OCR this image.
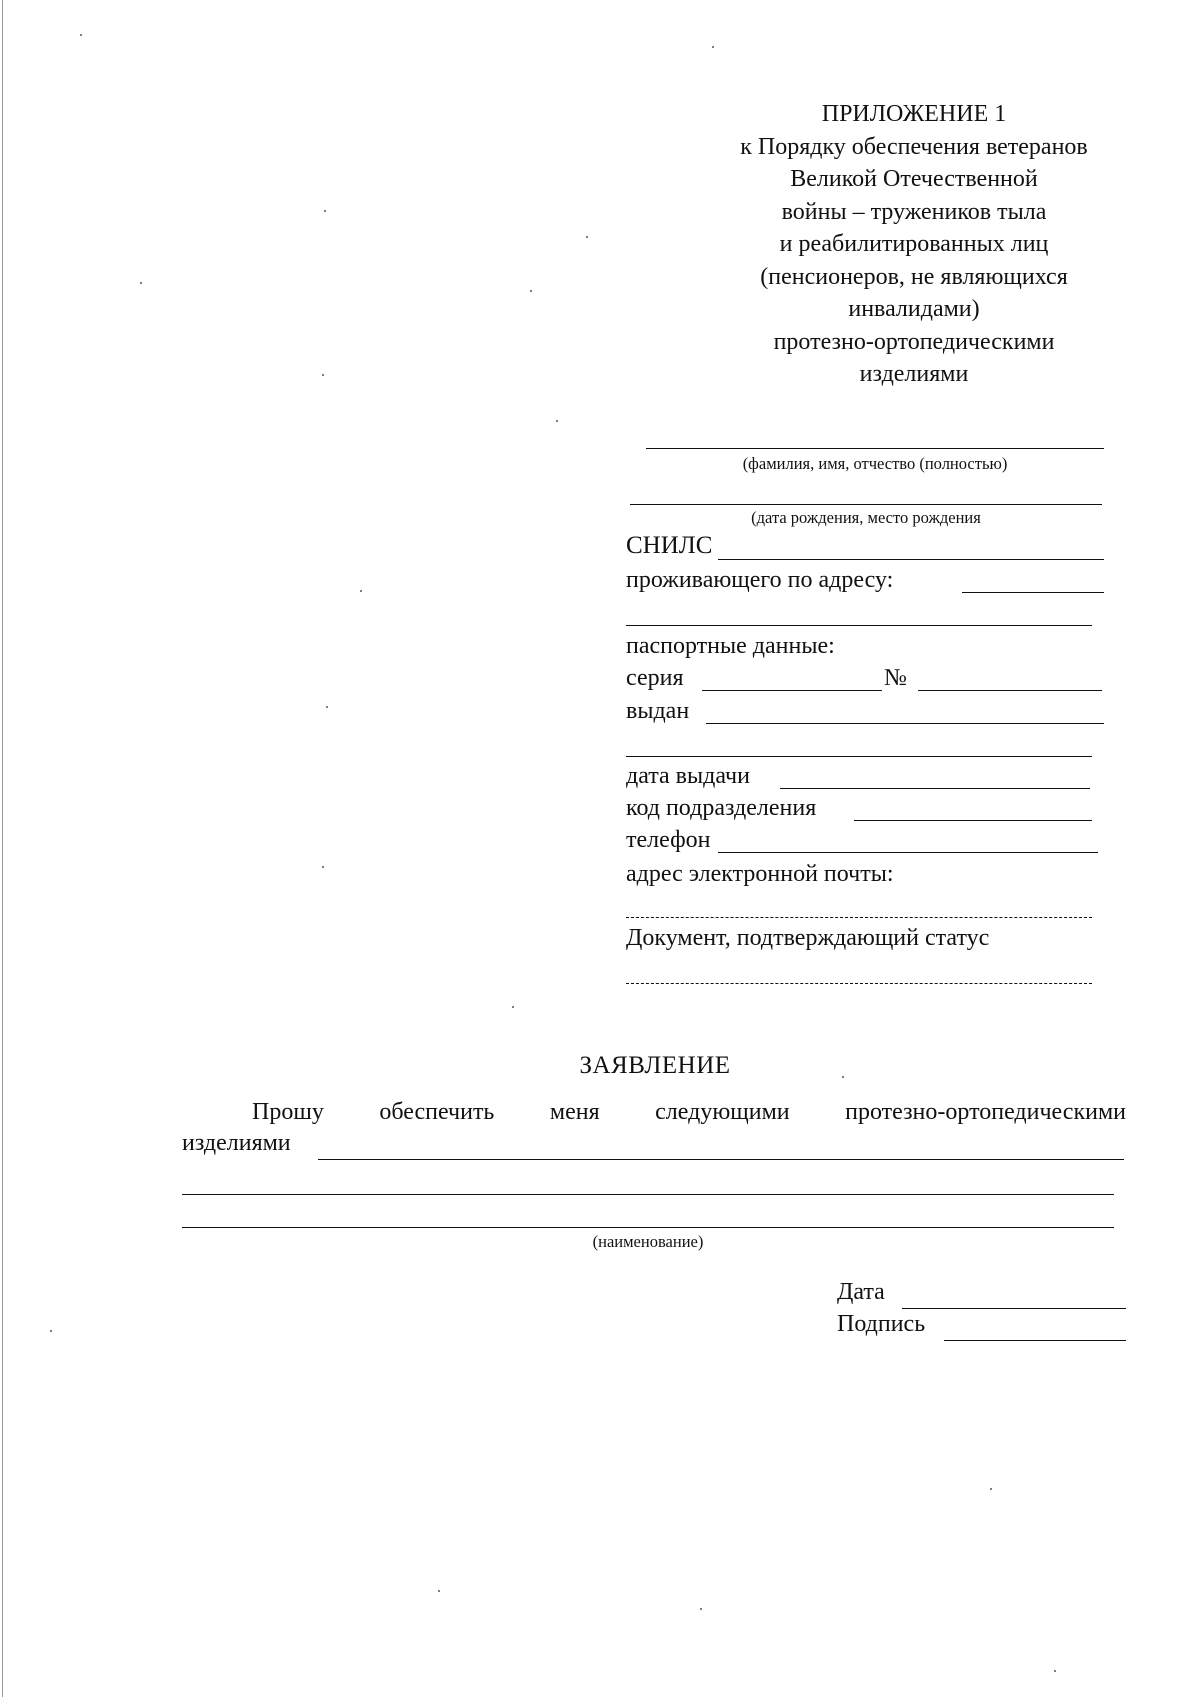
ПРИЛОЖЕНИЕ 1
к Порядку обеспечения ветеранов
Великой Отечественной
войны – тружеников тыла
и реабилитированных лиц
(пенсионеров, не являющихся
инвалидами)
протезно-ортопедическими
изделиями
(фамилия, имя, отчество (полностью)
(дата рождения, место рождения
СНИЛС
проживающего по адресу:
паспортные данные:
серия	№
выдан
дата выдачи
код подразделения
телефон
адрес электронной почты:
Документ, подтверждающий статус
ЗАЯВЛЕНИЕ
Прошу обеспечить меня следующими протезно-ортопедическими
изделиями
(наименование)
Дата
Подпись
